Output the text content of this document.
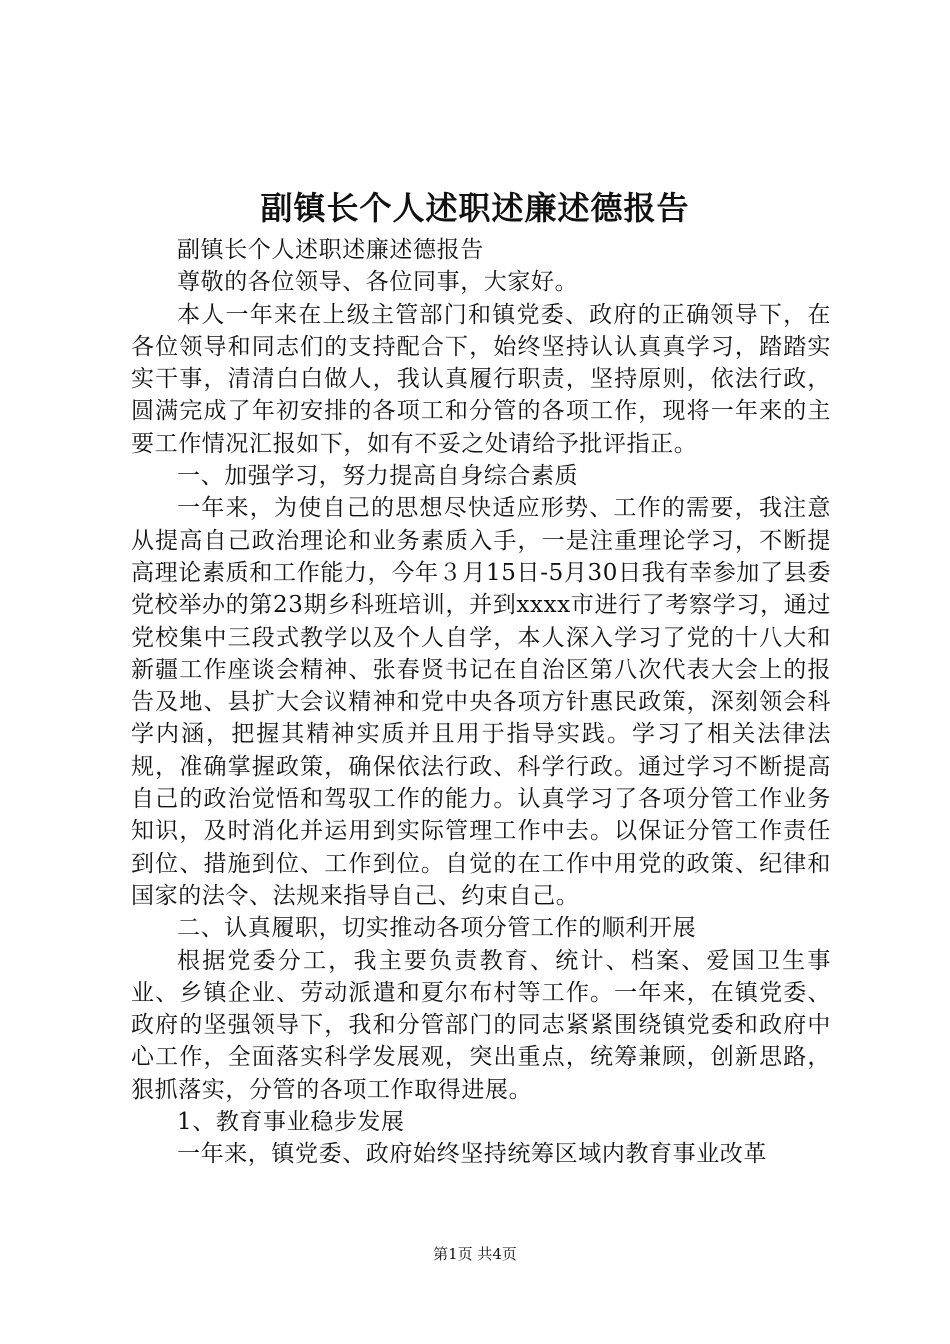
副镇长个人述职述廉述德报告

副镇长个人述职述廉述德报告

尊敬的各位领导、各位同事，大家好。

本人一年来在上级主管部门和镇党委、政府的正确领导下，在各位领导和同志们的支持配合下，始终坚持认认真真学习，踏踏实实干事，清清白白做人，我认真履行职责，坚持原则，依法行政，圆满完成了年初安排的各项工和分管的各项工作，现将一年来的主要工作情况汇报如下，如有不妥之处请给予批评指正。

一、加强学习，努力提高自身综合素质

一年来，为使自己的思想尽快适应形势、工作的需要，我注意从提高自己政治理论和业务素质入手，一是注重理论学习，不断提高理论素质和工作能力，今年３月15日-5月30日我有幸参加了县委党校举办的第23期乡科班培训，并到xxxx市进行了考察学习，通过党校集中三段式教学以及个人自学，本人深入学习了党的十八大和新疆工作座谈会精神、张春贤书记在自治区第八次代表大会上的报告及地、县扩大会议精神和党中央各项方针惠民政策，深刻领会科学内涵，把握其精神实质并且用于指导实践。学习了相关法律法规，准确掌握政策，确保依法行政、科学行政。通过学习不断提高自己的政治觉悟和驾驭工作的能力。认真学习了各项分管工作业务知识，及时消化并运用到实际管理工作中去。以保证分管工作责任到位、措施到位、工作到位。自觉的在工作中用党的政策、纪律和国家的法令、法规来指导自己、约束自己。

二、认真履职，切实推动各项分管工作的顺利开展

根据党委分工，我主要负责教育、统计、档案、爱国卫生事业、乡镇企业、劳动派遣和夏尔布村等工作。一年来，在镇党委、政府的坚强领导下，我和分管部门的同志紧紧围绕镇党委和政府中心工作，全面落实科学发展观，突出重点，统筹兼顾，创新思路，狠抓落实，分管的各项工作取得进展。

1、教育事业稳步发展

一年来，镇党委、政府始终坚持统筹区域内教育事业改革

第1页 共4页
